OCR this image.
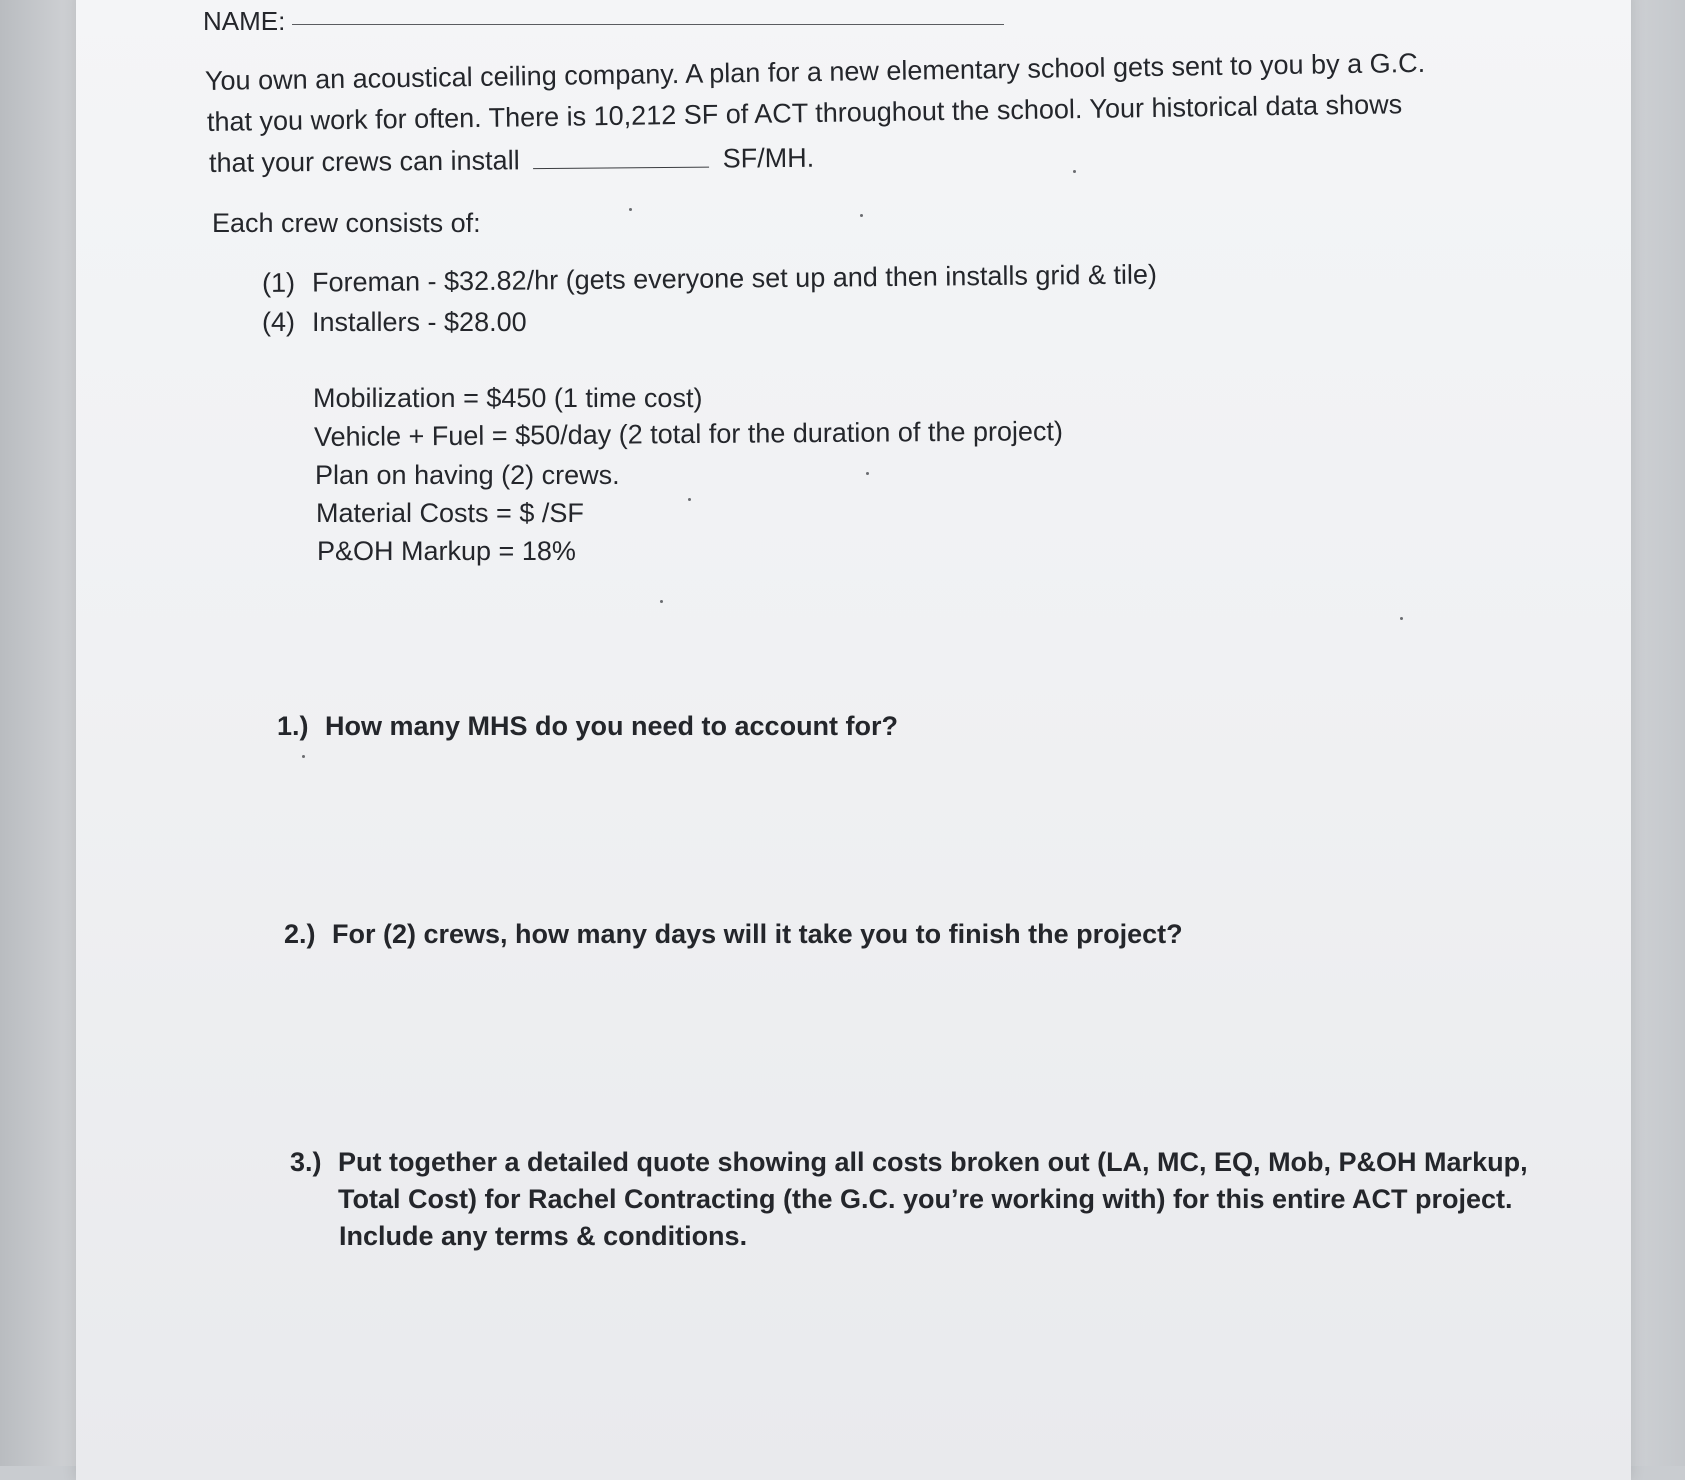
NAME:
You own an acoustical ceiling company. A plan for a new elementary school gets sent to you by a G.C.
that you work for often. There is 10,212 SF of ACT throughout the school. Your historical data shows
that your crews can install	SF/MH.
Each crew consists of:
(1) Foreman - $32.82/hr (gets everyone set up and then installs grid & tile)
(4) Installers - $28.00
Mobilization = $450 (1 time cost)
Vehicle + Fuel = $50/day (2 total for the duration of the project)
Plan on having (2) crews.
Material Costs = $ /SF
P&OH Markup = 18%
1.) How many MHS do you need to account for?
2.) For (2) crews, how many days will it take you to finish the project?
3.) Put together a detailed quote showing all costs broken out (LA, MC, EQ, Mob, P&OH Markup,
Total Cost) for Rachel Contracting (the G.C. you’re working with) for this entire ACT project.
Include any terms & conditions.
